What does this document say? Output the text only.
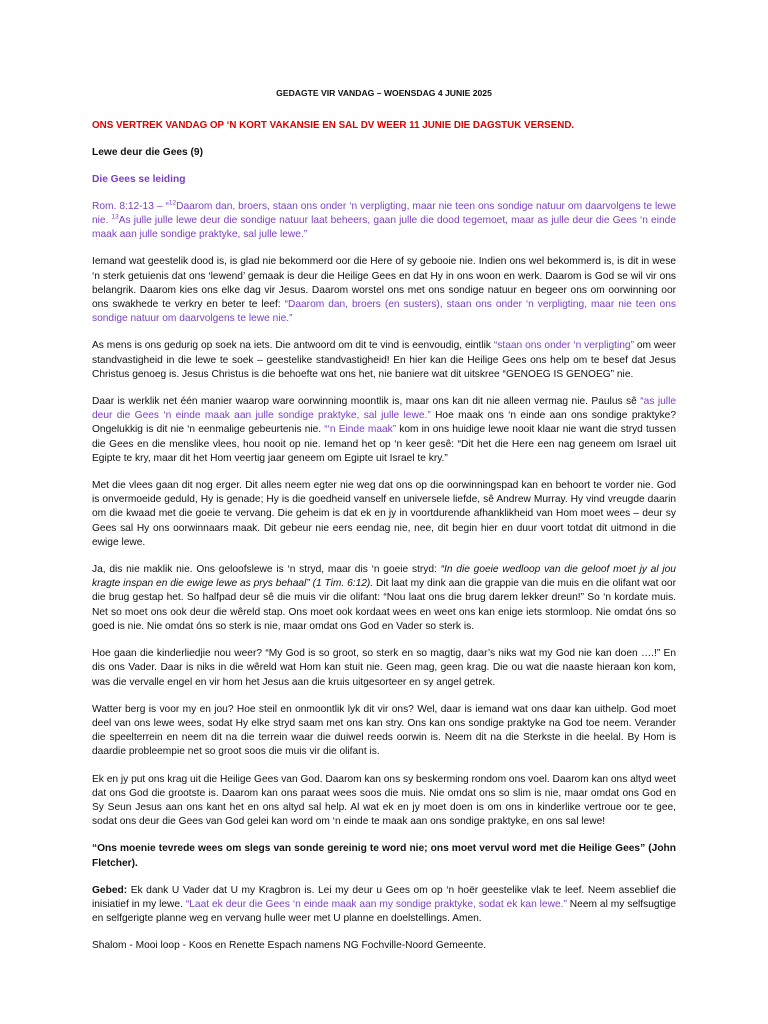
GEDAGTE VIR VANDAG – WOENSDAG 4 JUNIE 2025

ONS VERTREK VANDAG OP ‘N KORT VAKANSIE EN SAL DV WEER 11 JUNIE DIE DAGSTUK VERSEND.

Lewe deur die Gees (9)

Die Gees se leiding

Rom. 8:12-13 – “$^{12}$Daarom dan, broers, staan ons onder ‘n verpligting, maar nie teen ons sondige natuur om daarvolgens te lewe nie. $^{13}$As julle julle lewe deur die sondige natuur laat beheers, gaan julle die dood tegemoet, maar as julle deur die Gees ‘n einde maak aan julle sondige praktyke, sal julle lewe.”

Iemand wat geestelik dood is, is glad nie bekommerd oor die Here of sy gebooie nie. Indien ons wel bekommerd is, is dit in wese ‘n sterk getuienis dat ons ‘lewend’ gemaak is deur die Heilige Gees en dat Hy in ons woon en werk. Daarom is God se wil vir ons belangrik. Daarom kies ons elke dag vir Jesus. Daarom worstel ons met ons sondige natuur en begeer ons om oorwinning oor ons swakhede te verkry en beter te leef: “Daarom dan, broers (en susters), staan ons onder ‘n verpligting, maar nie teen ons sondige natuur om daarvolgens te lewe nie.”

As mens is ons gedurig op soek na iets. Die antwoord om dit te vind is eenvoudig, eintlik “staan ons onder ‘n verpligting” om weer standvastigheid in die lewe te soek – geestelike standvastigheid! En hier kan die Heilige Gees ons help om te besef dat Jesus Christus genoeg is. Jesus Christus is die behoefte wat ons het, nie baniere wat dit uitskree “GENOEG IS GENOEG” nie.

Daar is werklik net één manier waarop ware oorwinning moontlik is, maar ons kan dit nie alleen vermag nie. Paulus sê “as julle deur die Gees ‘n einde maak aan julle sondige praktyke, sal julle lewe.” Hoe maak ons ‘n einde aan ons sondige praktyke? Ongelukkig is dit nie ‘n eenmalige gebeurtenis nie. “‘n Einde maak” kom in ons huidige lewe nooit klaar nie want die stryd tussen die Gees en die menslike vlees, hou nooit op nie. Iemand het op ‘n keer gesê: “Dit het die Here een nag geneem om Israel uit Egipte te kry, maar dit het Hom veertig jaar geneem om Egipte uit Israel te kry.”

Met die vlees gaan dit nog erger. Dit alles neem egter nie weg dat ons op die oorwinningspad kan en behoort te vorder nie. God is onvermoeide geduld, Hy is genade; Hy is die goedheid vanself en universele liefde, sê Andrew Murray. Hy vind vreugde daarin om die kwaad met die goeie te vervang. Die geheim is dat ek en jy in voortdurende afhanklikheid van Hom moet wees – deur sy Gees sal Hy ons oorwinnaars maak. Dit gebeur nie eers eendag nie, nee, dit begin hier en duur voort totdat dit uitmond in die ewige lewe.

Ja, dis nie maklik nie. Ons geloofslewe is ‘n stryd, maar dis ‘n goeie stryd: “In die goeie wedloop van die geloof moet jy al jou kragte inspan en die ewige lewe as prys behaal” (1 Tim. 6:12). Dit laat my dink aan die grappie van die muis en die olifant wat oor die brug gestap het. So halfpad deur sê die muis vir die olifant: “Nou laat ons die brug darem lekker dreun!” So ‘n kordate muis. Net so moet ons ook deur die wêreld stap. Ons moet ook kordaat wees en weet ons kan enige iets stormloop. Nie omdat óns so goed is nie. Nie omdat óns so sterk is nie, maar omdat ons God en Vader so sterk is.

Hoe gaan die kinderliedjie nou weer? “My God is so groot, so sterk en so magtig, daar’s niks wat my God nie kan doen ….!” En dis ons Vader. Daar is niks in die wêreld wat Hom kan stuit nie. Geen mag, geen krag. Die ou wat die naaste hieraan kon kom, was die vervalle engel en vir hom het Jesus aan die kruis uitgesorteer en sy angel getrek.

Watter berg is voor my en jou? Hoe steil en onmoontlik lyk dit vir ons? Wel, daar is iemand wat ons daar kan uithelp. God moet deel van ons lewe wees, sodat Hy elke stryd saam met ons kan stry. Ons kan ons sondige praktyke na God toe neem. Verander die speelterrein en neem dit na die terrein waar die duiwel reeds oorwin is. Neem dit na die Sterkste in die heelal. By Hom is daardie probleempie net so groot soos die muis vir die olifant is.

Ek en jy put ons krag uit die Heilige Gees van God. Daarom kan ons sy beskerming rondom ons voel. Daarom kan ons altyd weet dat ons God die grootste is. Daarom kan ons paraat wees soos die muis. Nie omdat ons so slim is nie, maar omdat ons God en Sy Seun Jesus aan ons kant het en ons altyd sal help. Al wat ek en jy moet doen is om ons in kinderlike vertroue oor te gee, sodat ons deur die Gees van God gelei kan word om ‘n einde te maak aan ons sondige praktyke, en ons sal lewe!

“Ons moenie tevrede wees om slegs van sonde gereinig te word nie; ons moet vervul word met die Heilige Gees” (John Fletcher).

Gebed: Ek dank U Vader dat U my Kragbron is. Lei my deur u Gees om op ‘n hoër geestelike vlak te leef. Neem asseblief die inisiatief in my lewe. “Laat ek deur die Gees ‘n einde maak aan my sondige praktyke, sodat ek kan lewe.” Neem al my selfsugtige en selfgerigte planne weg en vervang hulle weer met U planne en doelstellings. Amen.

Shalom - Mooi loop - Koos en Renette Espach namens NG Fochville-Noord Gemeente.
